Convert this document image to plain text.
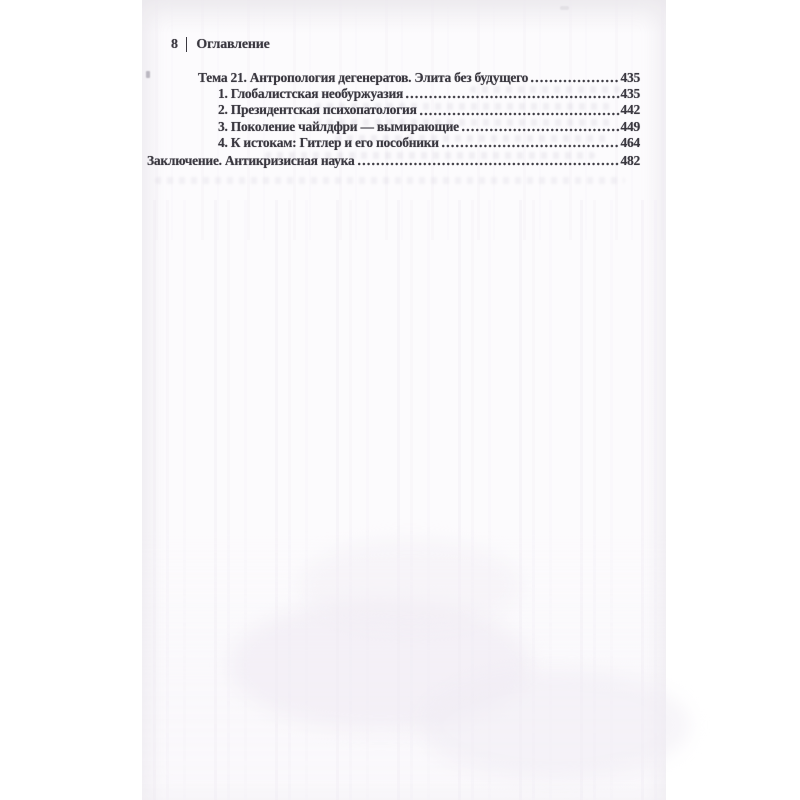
8 Оглавление
Тема 21. Антропология дегенератов. Элита без будущего	435
1. Глобалистская необуржуазия	435
2. Президентская психопатология	442
3. Поколение чайлдфри — вымирающие	449
4. К истокам: Гитлер и его пособники	464
Заключение. Антикризисная наука	482
